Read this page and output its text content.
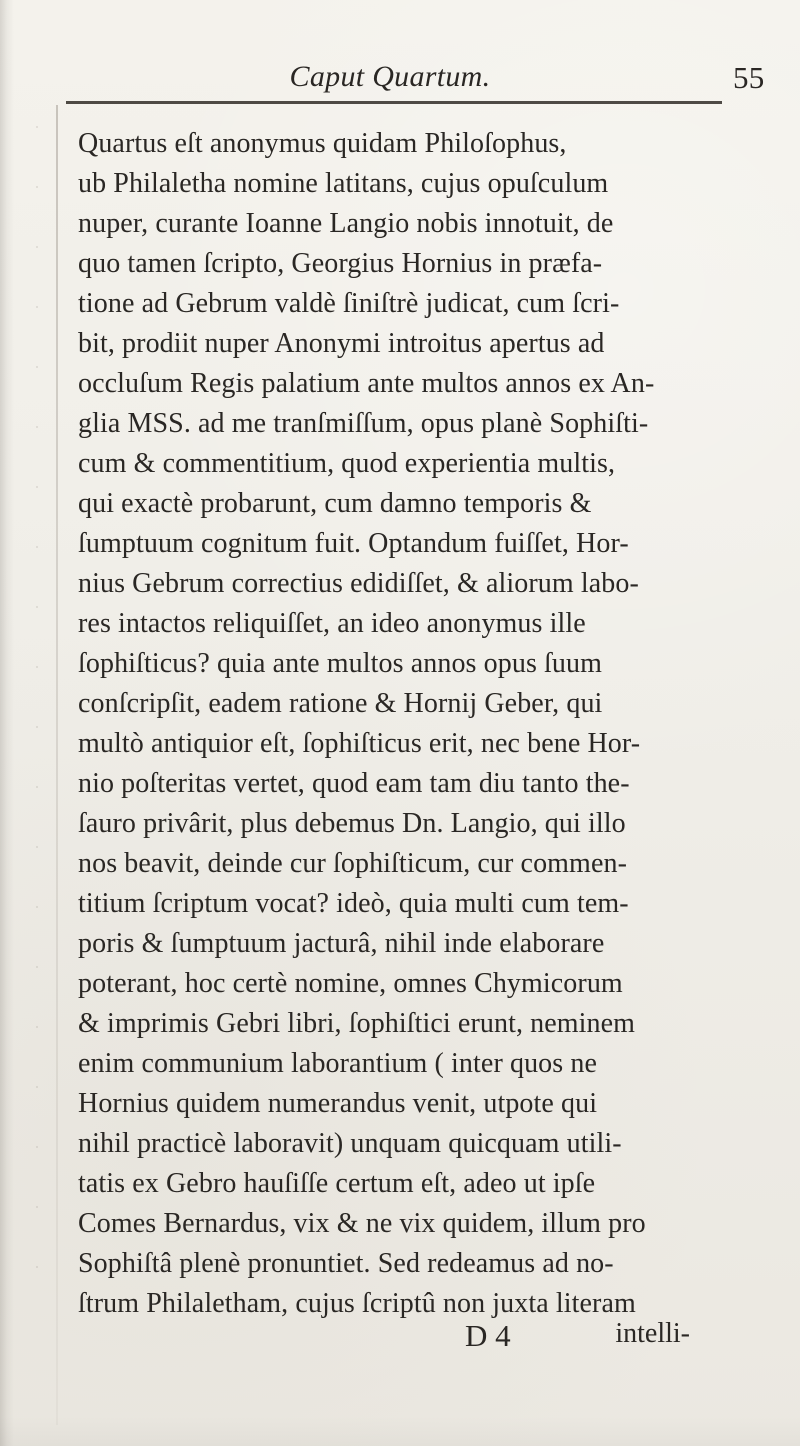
Caput Quartum.	55
Quartus eſt anonymus quidam Philoſophus,
ub Philaletha nomine latitans, cujus opuſculum
nuper, curante Ioanne Langio nobis innotuit, de
quo tamen ſcripto, Georgius Hornius in præfa-
tione ad Gebrum valdè ſiniſtrè judicat, cum ſcri-
bit, prodiit nuper Anonymi introitus apertus ad
occluſum Regis palatium ante multos annos ex An-
glia MSS. ad me tranſmiſſum, opus planè Sophiſti-
cum & commentitium, quod experientia multis,
qui exactè probarunt, cum damno temporis &
ſumptuum cognitum fuit. Optandum fuiſſet, Hor-
nius Gebrum correctius edidiſſet, & aliorum labo-
res intactos reliquiſſet, an ideo anonymus ille
ſophiſticus? quia ante multos annos opus ſuum
conſcripſit, eadem ratione & Hornij Geber, qui
multò antiquior eſt, ſophiſticus erit, nec bene Hor-
nio poſteritas vertet, quod eam tam diu tanto the-
ſauro privârit, plus debemus Dn. Langio, qui illo
nos beavit, deinde cur ſophiſticum, cur commen-
titium ſcriptum vocat? ideò, quia multi cum tem-
poris & ſumptuum jacturâ, nihil inde elaborare
poterant, hoc certè nomine, omnes Chymicorum
& imprimis Gebri libri, ſophiſtici erunt, neminem
enim communium laborantium ( inter quos ne
Hornius quidem numerandus venit, utpote qui
nihil practicè laboravit) unquam quicquam utili-
tatis ex Gebro hauſiſſe certum eſt, adeo ut ipſe
Comes Bernardus, vix & ne vix quidem, illum pro
Sophiſtâ plenè pronuntiet. Sed redeamus ad no-
ſtrum Philaletham, cujus ſcriptû non juxta literam
D 4	intelli-
